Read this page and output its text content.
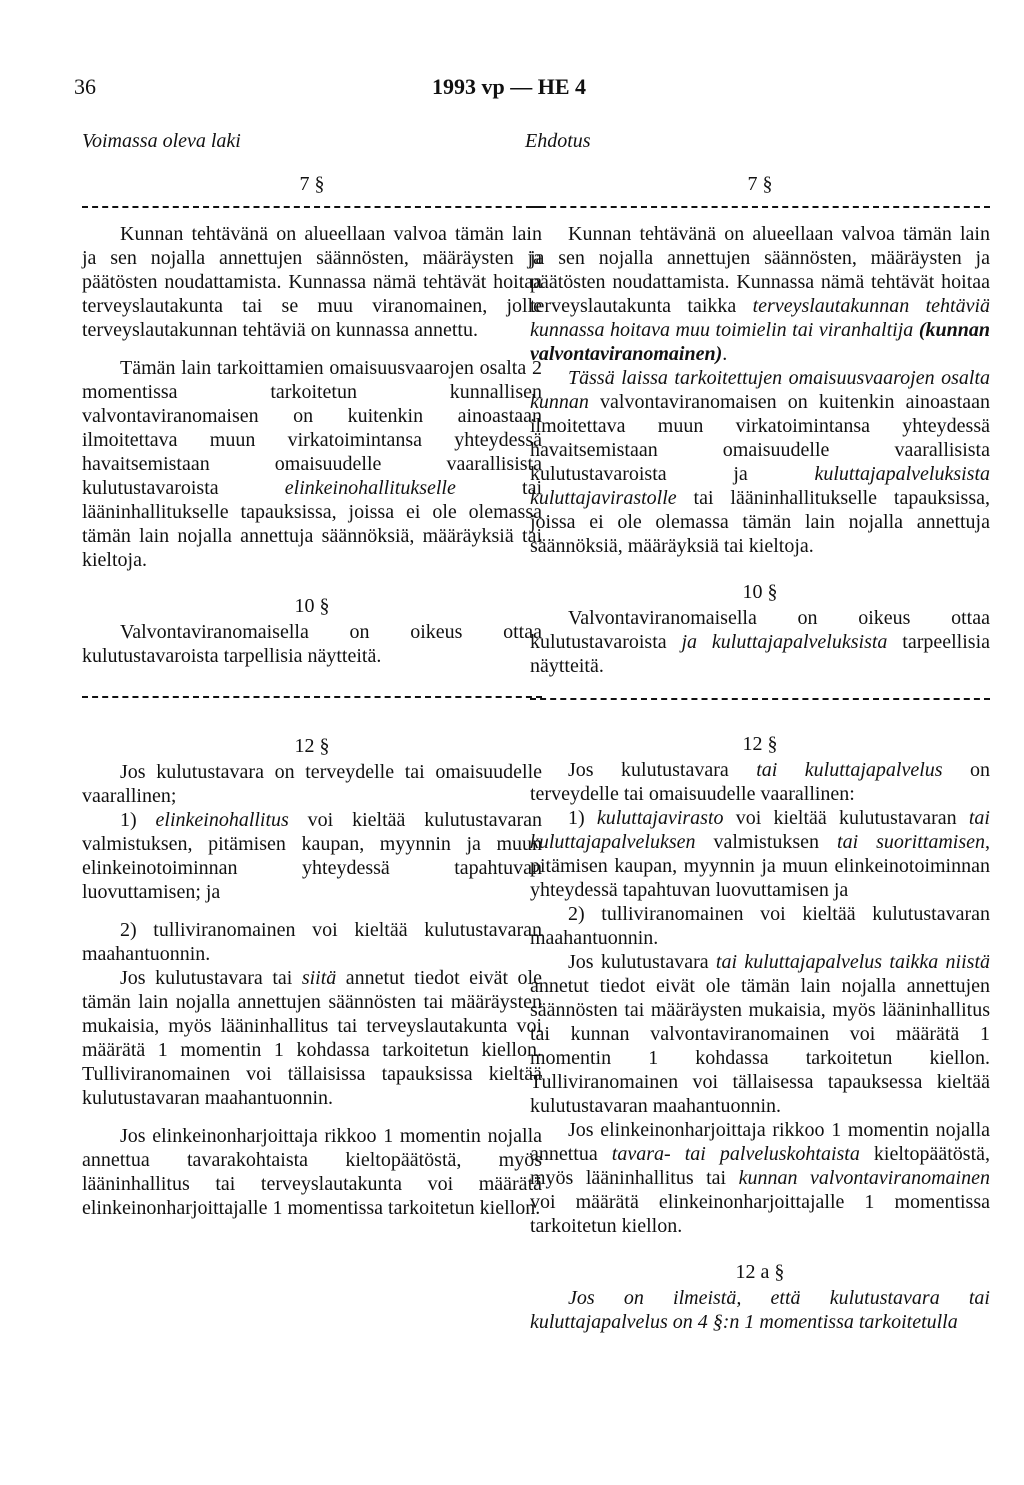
36	1993 vp — HE 4
Voimassa oleva laki	Ehdotus
7 §

Kunnan tehtävänä on alueellaan valvoa tämän lain ja sen nojalla annettujen säännösten, määräysten ja päätösten noudattamista. Kunnassa nämä tehtävät hoitaa terveyslautakunta tai se muu viranomainen, jolle terveyslautakunnan tehtäviä on kunnassa annettu.

Tämän lain tarkoittamien omaisuusvaarojen osalta 2 momentissa tarkoitetun kunnallisen valvontaviranomaisen on kuitenkin ainoastaan ilmoitettava muun virkatoimintansa yhteydessä havaitsemistaan omaisuudelle vaarallisista kulutustavaroista elinkeinohallitukselle tai lääninhallitukselle tapauksissa, joissa ei ole olemassa tämän lain nojalla annettuja säännöksiä, määräyksiä tai kieltoja.

10 §

Valvontaviranomaisella on oikeus ottaa kulutustavaroista tarpellisia näytteitä.

12 §

Jos kulutustavara on terveydelle tai omaisuudelle vaarallinen;

1) elinkeinohallitus voi kieltää kulutustavaran valmistuksen, pitämisen kaupan, myynnin ja muun elinkeinotoiminnan yhteydessä tapahtuvan luovuttamisen; ja

2) tulliviranomainen voi kieltää kulutustavaran maahantuonnin.

Jos kulutustavara tai siitä annetut tiedot eivät ole tämän lain nojalla annettujen säännösten tai määräysten mukaisia, myös lääninhallitus tai terveyslautakunta voi määrätä 1 momentin 1 kohdassa tarkoitetun kiellon. Tulliviranomainen voi tällaisissa tapauksissa kieltää kulutustavaran maahantuonnin.

Jos elinkeinonharjoittaja rikkoo 1 momentin nojalla annettua tavarakohtaista kieltopäätöstä, myös lääninhallitus tai terveyslautakunta voi määrätä elinkeinonharjoittajalle 1 momentissa tarkoitetun kiellon.

7 §

Kunnan tehtävänä on alueellaan valvoa tämän lain ja sen nojalla annettujen säännösten, määräysten ja päätösten noudattamista. Kunnassa nämä tehtävät hoitaa terveyslautakunta taikka terveyslautakunnan tehtäviä kunnassa hoitava muu toimielin tai viranhaltija (kunnan valvontaviranomainen).

Tässä laissa tarkoitettujen omaisuusvaarojen osalta kunnan valvontaviranomaisen on kuitenkin ainoastaan ilmoitettava muun virkatoimintansa yhteydessä havaitsemistaan omaisuudelle vaarallisista kulutustavaroista ja kuluttajapalveluksista kuluttajavirastolle tai lääninhallitukselle tapauksissa, joissa ei ole olemassa tämän lain nojalla annettuja säännöksiä, määräyksiä tai kieltoja.

10 §

Valvontaviranomaisella on oikeus ottaa kulutustavaroista ja kuluttajapalveluksista tarpeellisia näytteitä.

12 §

Jos kulutustavara tai kuluttajapalvelus on terveydelle tai omaisuudelle vaarallinen:

1) kuluttajavirasto voi kieltää kulutustavaran tai kuluttajapalveluksen valmistuksen tai suorittamisen, pitämisen kaupan, myynnin ja muun elinkeinotoiminnan yhteydessä tapahtuvan luovuttamisen ja

2) tulliviranomainen voi kieltää kulutustavaran maahantuonnin.

Jos kulutustavara tai kuluttajapalvelus taikka niistä annetut tiedot eivät ole tämän lain nojalla annettujen säännösten tai määräysten mukaisia, myös lääninhallitus tai kunnan valvontaviranomainen voi määrätä 1 momentin 1 kohdassa tarkoitetun kiellon. Tulliviranomainen voi tällaisessa tapauksessa kieltää kulutustavaran maahantuonnin.

Jos elinkeinonharjoittaja rikkoo 1 momentin nojalla annettua tavara- tai palveluskohtaista kieltopäätöstä, myös lääninhallitus tai kunnan valvontaviranomainen voi määrätä elinkeinonharjoittajalle 1 momentissa tarkoitetun kiellon.

12 a §

Jos on ilmeistä, että kulutustavara tai kuluttajapalvelus on 4 §:n 1 momentissa tarkoitetulla
